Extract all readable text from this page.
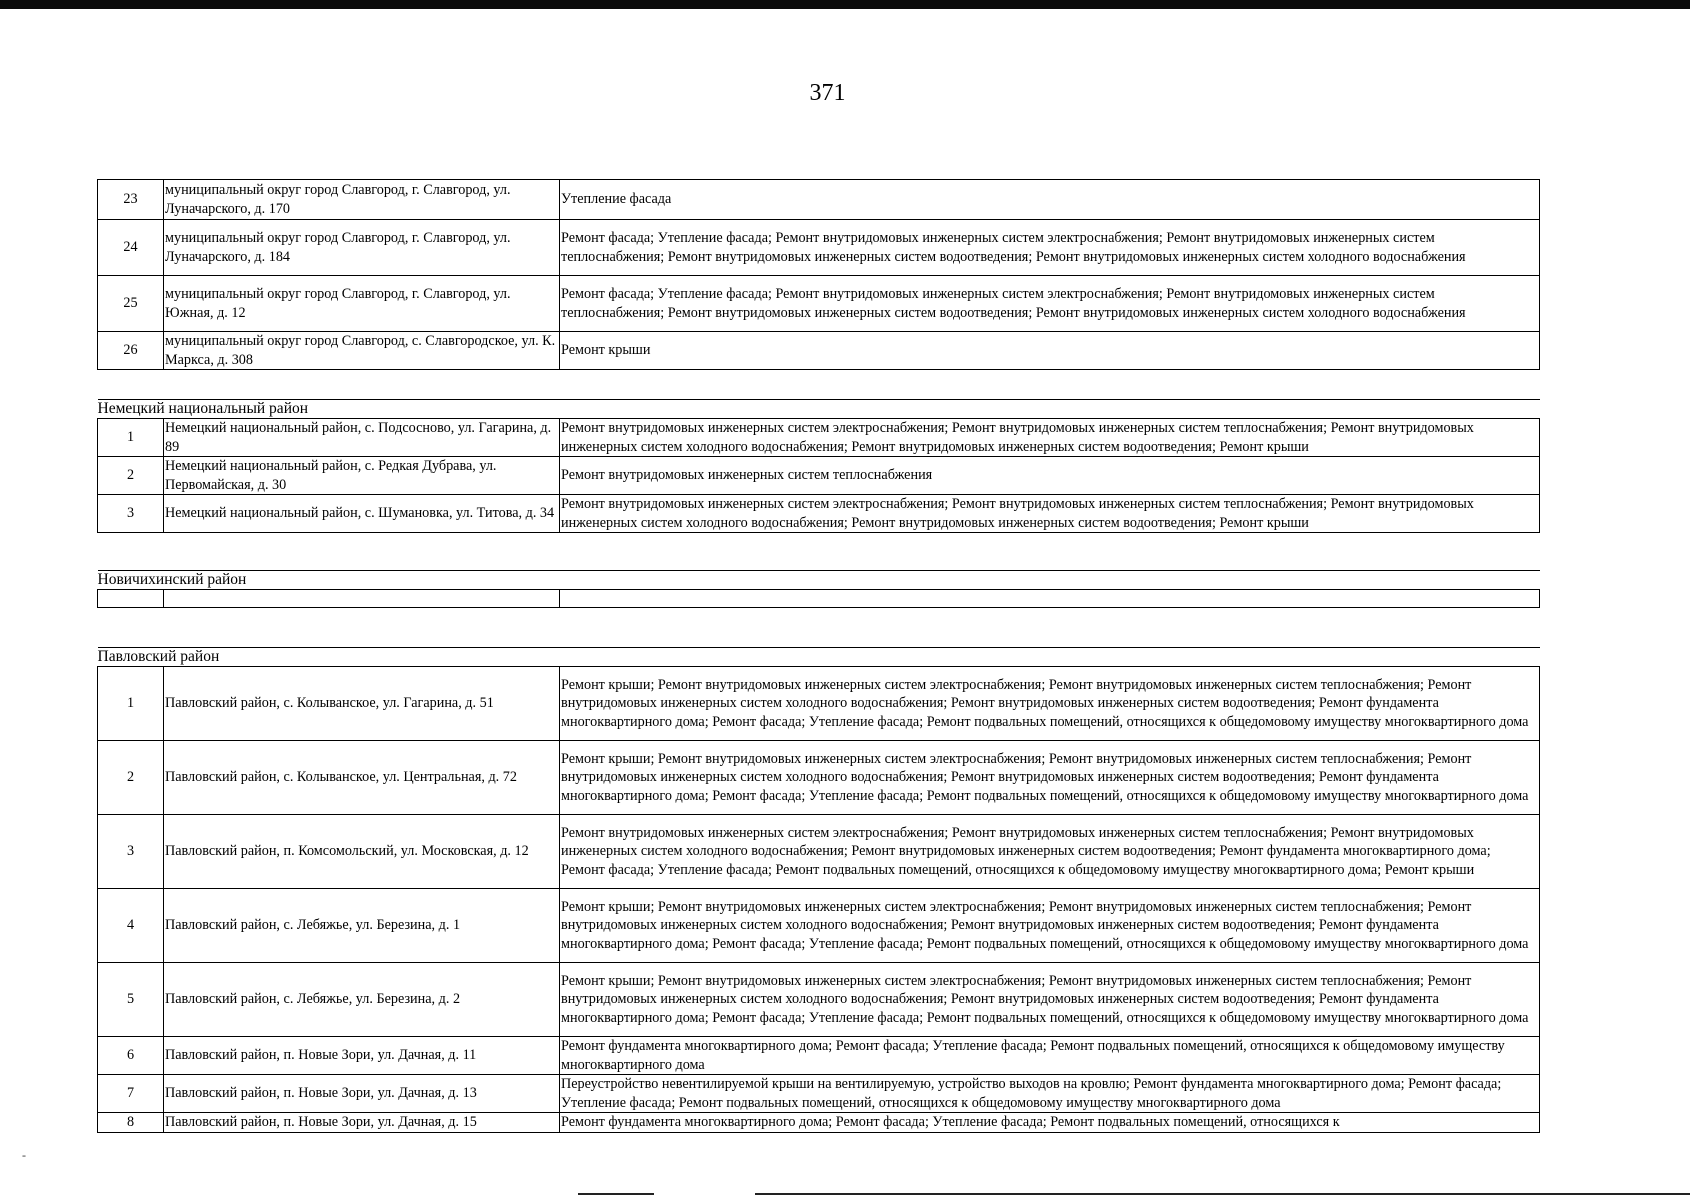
371
23	муниципальный округ город Славгород, г. Славгород, ул. Луначарского, д. 170	Утепление фасада
24	муниципальный округ город Славгород, г. Славгород, ул. Луначарского, д. 184	Ремонт фасада; Утепление фасада; Ремонт внутридомовых инженерных систем электроснабжения; Ремонт внутридомовых инженерных систем теплоснабжения; Ремонт внутридомовых инженерных систем водоотведения; Ремонт внутридомовых инженерных систем холодного водоснабжения
25	муниципальный округ город Славгород, г. Славгород, ул. Южная, д. 12	Ремонт фасада; Утепление фасада; Ремонт внутридомовых инженерных систем электроснабжения; Ремонт внутридомовых инженерных систем теплоснабжения; Ремонт внутридомовых инженерных систем водоотведения; Ремонт внутридомовых инженерных систем холодного водоснабжения
26	муниципальный округ город Славгород, с. Славгородское, ул. К. Маркса, д. 308	Ремонт крыши

Немецкий национальный район		
1	Немецкий национальный район, с. Подсосново, ул. Гагарина, д. 89	Ремонт внутридомовых инженерных систем электроснабжения; Ремонт внутридомовых инженерных систем теплоснабжения; Ремонт внутридомовых инженерных систем холодного водоснабжения; Ремонт внутридомовых инженерных систем водоотведения; Ремонт крыши
2	Немецкий национальный район, с. Редкая Дубрава, ул. Первомайская, д. 30	Ремонт внутридомовых инженерных систем теплоснабжения
3	Немецкий национальный район, с. Шумановка, ул. Титова, д. 34	Ремонт внутридомовых инженерных систем электроснабжения; Ремонт внутридомовых инженерных систем теплоснабжения; Ремонт внутридомовых инженерных систем холодного водоснабжения; Ремонт внутридомовых инженерных систем водоотведения; Ремонт крыши

Новичихинский район		

Павловский район		
1	Павловский район, с. Колыванское, ул. Гагарина, д. 51	Ремонт крыши; Ремонт внутридомовых инженерных систем электроснабжения; Ремонт внутридомовых инженерных систем теплоснабжения; Ремонт внутридомовых инженерных систем холодного водоснабжения; Ремонт внутридомовых инженерных систем водоотведения; Ремонт фундамента многоквартирного дома; Ремонт фасада; Утепление фасада; Ремонт подвальных помещений, относящихся к общедомовому имуществу многоквартирного дома
2	Павловский район, с. Колыванское, ул. Центральная, д. 72	Ремонт крыши; Ремонт внутридомовых инженерных систем электроснабжения; Ремонт внутридомовых инженерных систем теплоснабжения; Ремонт внутридомовых инженерных систем холодного водоснабжения; Ремонт внутридомовых инженерных систем водоотведения; Ремонт фундамента многоквартирного дома; Ремонт фасада; Утепление фасада; Ремонт подвальных помещений, относящихся к общедомовому имуществу многоквартирного дома
3	Павловский район, п. Комсомольский, ул. Московская, д. 12	Ремонт внутридомовых инженерных систем электроснабжения; Ремонт внутридомовых инженерных систем теплоснабжения; Ремонт внутридомовых инженерных систем холодного водоснабжения; Ремонт внутридомовых инженерных систем водоотведения; Ремонт фундамента многоквартирного дома; Ремонт фасада; Утепление фасада; Ремонт подвальных помещений, относящихся к общедомовому имуществу многоквартирного дома; Ремонт крыши
4	Павловский район, с. Лебяжье, ул. Березина, д. 1	Ремонт крыши; Ремонт внутридомовых инженерных систем электроснабжения; Ремонт внутридомовых инженерных систем теплоснабжения; Ремонт внутридомовых инженерных систем холодного водоснабжения; Ремонт внутридомовых инженерных систем водоотведения; Ремонт фундамента многоквартирного дома; Ремонт фасада; Утепление фасада; Ремонт подвальных помещений, относящихся к общедомовому имуществу многоквартирного дома
5	Павловский район, с. Лебяжье, ул. Березина, д. 2	Ремонт крыши; Ремонт внутридомовых инженерных систем электроснабжения; Ремонт внутридомовых инженерных систем теплоснабжения; Ремонт внутридомовых инженерных систем холодного водоснабжения; Ремонт внутридомовых инженерных систем водоотведения; Ремонт фундамента многоквартирного дома; Ремонт фасада; Утепление фасада; Ремонт подвальных помещений, относящихся к общедомовому имуществу многоквартирного дома
6	Павловский район, п. Новые Зори, ул. Дачная, д. 11	Ремонт фундамента многоквартирного дома; Ремонт фасада; Утепление фасада; Ремонт подвальных помещений, относящихся к общедомовому имуществу многоквартирного дома
7	Павловский район, п. Новые Зори, ул. Дачная, д. 13	Переустройство невентилируемой крыши на вентилируемую, устройство выходов на кровлю; Ремонт фундамента многоквартирного дома; Ремонт фасада; Утепление фасада; Ремонт подвальных помещений, относящихся к общедомовому имуществу многоквартирного дома
8	Павловский район, п. Новые Зори, ул. Дачная, д. 15	Ремонт фундамента многоквартирного дома; Ремонт фасада; Утепление фасада; Ремонт подвальных помещений, относящихся к
-
